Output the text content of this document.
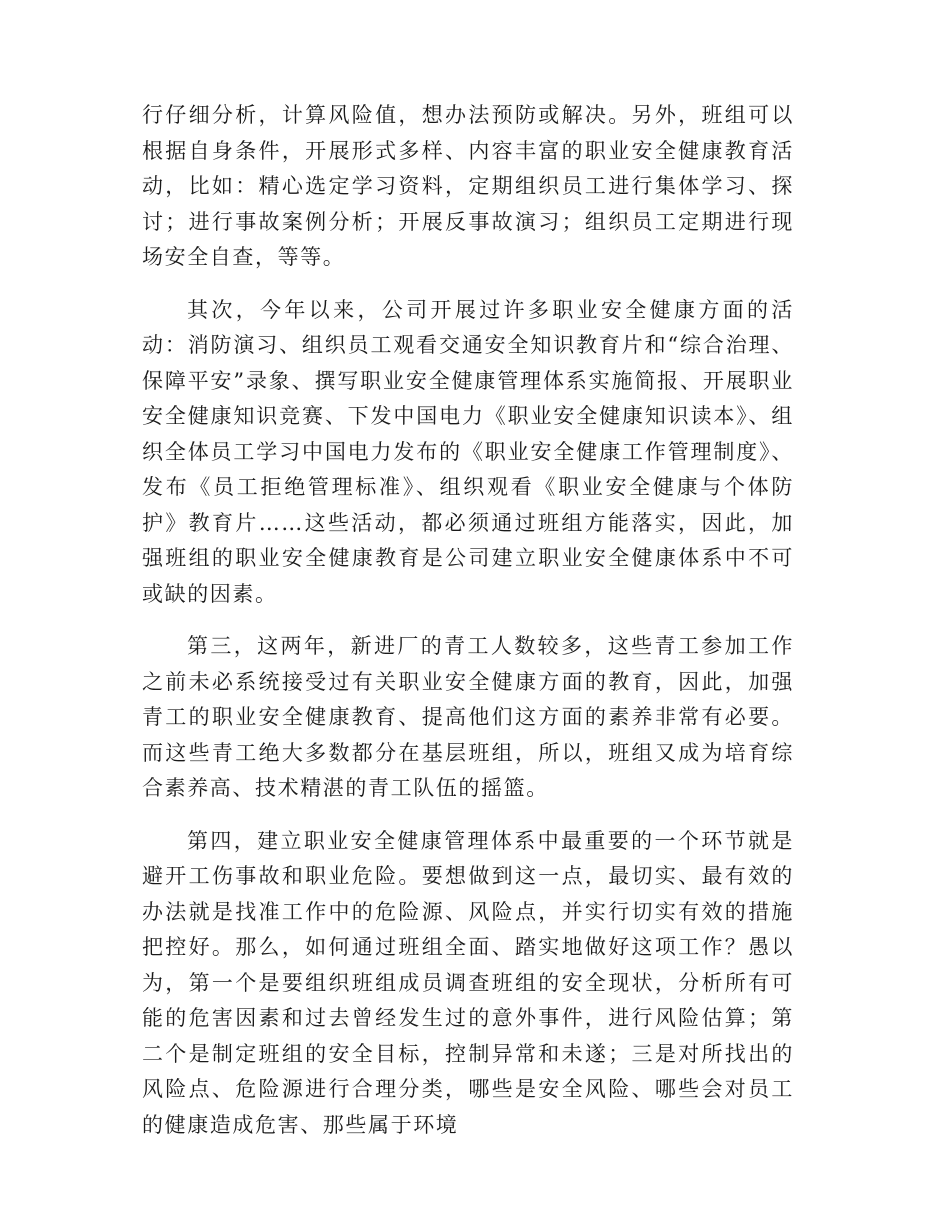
行仔细分析，计算风险值，想办法预防或解决。另外，班组可以根据自身条件，开展形式多样、内容丰富的职业安全健康教育活动，比如：精心选定学习资料，定期组织员工进行集体学习、探讨；进行事故案例分析；开展反事故演习；组织员工定期进行现场安全自查，等等。

其次，今年以来，公司开展过许多职业安全健康方面的活动：消防演习、组织员工观看交通安全知识教育片和“综合治理、保障平安”录象、撰写职业安全健康管理体系实施简报、开展职业安全健康知识竞赛、下发中国电力《职业安全健康知识读本》、组织全体员工学习中国电力发布的《职业安全健康工作管理制度》、发布《员工拒绝管理标准》、组织观看《职业安全健康与个体防护》教育片……这些活动，都必须通过班组方能落实，因此，加强班组的职业安全健康教育是公司建立职业安全健康体系中不可或缺的因素。

第三，这两年，新进厂的青工人数较多，这些青工参加工作之前未必系统接受过有关职业安全健康方面的教育，因此，加强青工的职业安全健康教育、提高他们这方面的素养非常有必要。而这些青工绝大多数都分在基层班组，所以，班组又成为培育综合素养高、技术精湛的青工队伍的摇篮。

第四，建立职业安全健康管理体系中最重要的一个环节就是避开工伤事故和职业危险。要想做到这一点，最切实、最有效的办法就是找准工作中的危险源、风险点，并实行切实有效的措施把控好。那么，如何通过班组全面、踏实地做好这项工作？愚以为，第一个是要组织班组成员调查班组的安全现状，分析所有可能的危害因素和过去曾经发生过的意外事件，进行风险估算；第二个是制定班组的安全目标，控制异常和未遂；三是对所找出的风险点、危险源进行合理分类，哪些是安全风险、哪些会对员工的健康造成危害、那些属于环境
